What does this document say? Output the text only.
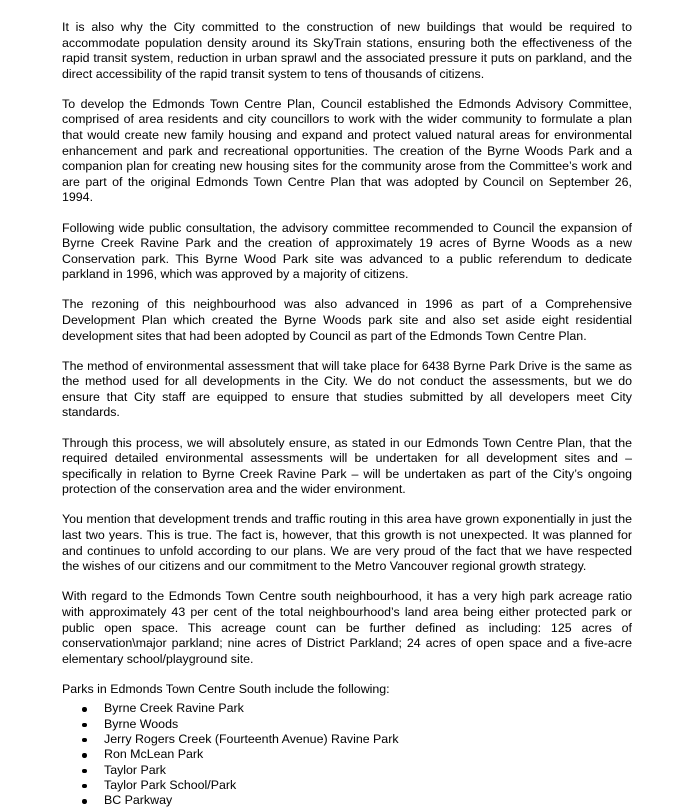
It is also why the City committed to the construction of new buildings that would be required to accommodate population density around its SkyTrain stations, ensuring both the effectiveness of the rapid transit system, reduction in urban sprawl and the associated pressure it puts on parkland, and the direct accessibility of the rapid transit system to tens of thousands of citizens.

To develop the Edmonds Town Centre Plan, Council established the Edmonds Advisory Committee, comprised of area residents and city councillors to work with the wider community to formulate a plan that would create new family housing and expand and protect valued natural areas for environmental enhancement and park and recreational opportunities. The creation of the Byrne Woods Park and a companion plan for creating new housing sites for the community arose from the Committee’s work and are part of the original Edmonds Town Centre Plan that was adopted by Council on September 26, 1994.

Following wide public consultation, the advisory committee recommended to Council the expansion of Byrne Creek Ravine Park and the creation of approximately 19 acres of Byrne Woods as a new Conservation park. This Byrne Wood Park site was advanced to a public referendum to dedicate parkland in 1996, which was approved by a majority of citizens.

The rezoning of this neighbourhood was also advanced in 1996 as part of a Comprehensive Development Plan which created the Byrne Woods park site and also set aside eight residential development sites that had been adopted by Council as part of the Edmonds Town Centre Plan.

The method of environmental assessment that will take place for 6438 Byrne Park Drive is the same as the method used for all developments in the City. We do not conduct the assessments, but we do ensure that City staff are equipped to ensure that studies submitted by all developers meet City standards.

Through this process, we will absolutely ensure, as stated in our Edmonds Town Centre Plan, that the required detailed environmental assessments will be undertaken for all development sites and – specifically in relation to Byrne Creek Ravine Park – will be undertaken as part of the City’s ongoing protection of the conservation area and the wider environment.

You mention that development trends and traffic routing in this area have grown exponentially in just the last two years. This is true. The fact is, however, that this growth is not unexpected. It was planned for and continues to unfold according to our plans. We are very proud of the fact that we have respected the wishes of our citizens and our commitment to the Metro Vancouver regional growth strategy.

With regard to the Edmonds Town Centre south neighbourhood, it has a very high park acreage ratio with approximately 43 per cent of the total neighbourhood’s land area being either protected park or public open space. This acreage count can be further defined as including: 125 acres of conservation\major parkland; nine acres of District Parkland; 24 acres of open space and a five-acre elementary school/playground site.

Parks in Edmonds Town Centre South include the following:

Byrne Creek Ravine Park
Byrne Woods
Jerry Rogers Creek (Fourteenth Avenue) Ravine Park
Ron McLean Park
Taylor Park
Taylor Park School/Park
BC Parkway
